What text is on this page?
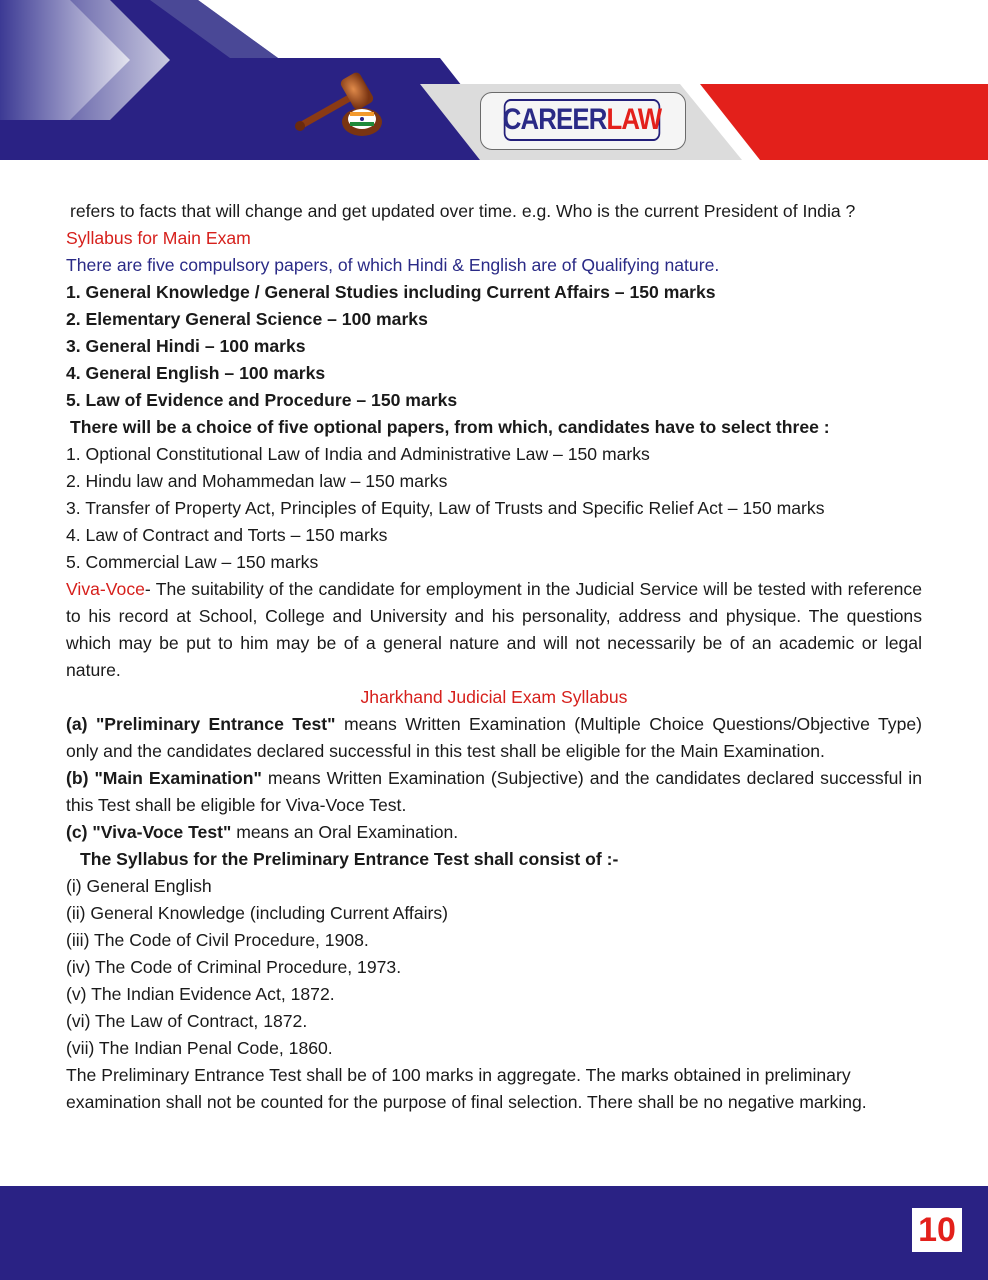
CAREER LAW
refers to facts that will change and get updated over time. e.g. Who is the current President of India ?
Syllabus for Main Exam
There are five compulsory papers, of which Hindi & English are of Qualifying nature.
1. General Knowledge / General Studies including Current Affairs – 150 marks
2. Elementary General Science – 100 marks
3. General Hindi – 100 marks
4. General English – 100 marks
5. Law of Evidence and Procedure – 150 marks
There will be a choice of five optional papers, from which, candidates have to select three :
1. Optional Constitutional Law of India and Administrative Law – 150 marks
2. Hindu law and Mohammedan law – 150 marks
3. Transfer of Property Act, Principles of Equity, Law of Trusts and Specific Relief Act – 150 marks
4. Law of Contract and Torts – 150 marks
5. Commercial Law – 150 marks
Viva-Voce- The suitability of the candidate for employment in the Judicial Service will be tested with reference to his record at School, College and University and his personality, address and physique. The questions which may be put to him may be of a general nature and will not necessarily be of an academic or legal nature.
Jharkhand Judicial Exam Syllabus
(a) "Preliminary Entrance Test" means Written Examination (Multiple Choice Questions/Objective Type) only and the candidates declared successful in this test shall be eligible for the Main Examination.
(b) "Main Examination" means Written Examination (Subjective) and the candidates declared successful in this Test shall be eligible for Viva-Voce Test.
(c) "Viva-Voce Test" means an Oral Examination.
The Syllabus for the Preliminary Entrance Test shall consist of :-
(i) General English
(ii) General Knowledge (including Current Affairs)
(iii) The Code of Civil Procedure, 1908.
(iv) The Code of Criminal Procedure, 1973.
(v) The Indian Evidence Act, 1872.
(vi) The Law of Contract, 1872.
(vii) The Indian Penal Code, 1860.
The Preliminary Entrance Test shall be of 100 marks in aggregate. The marks obtained in preliminary examination shall not be counted for the purpose of final selection. There shall be no negative marking.
10
